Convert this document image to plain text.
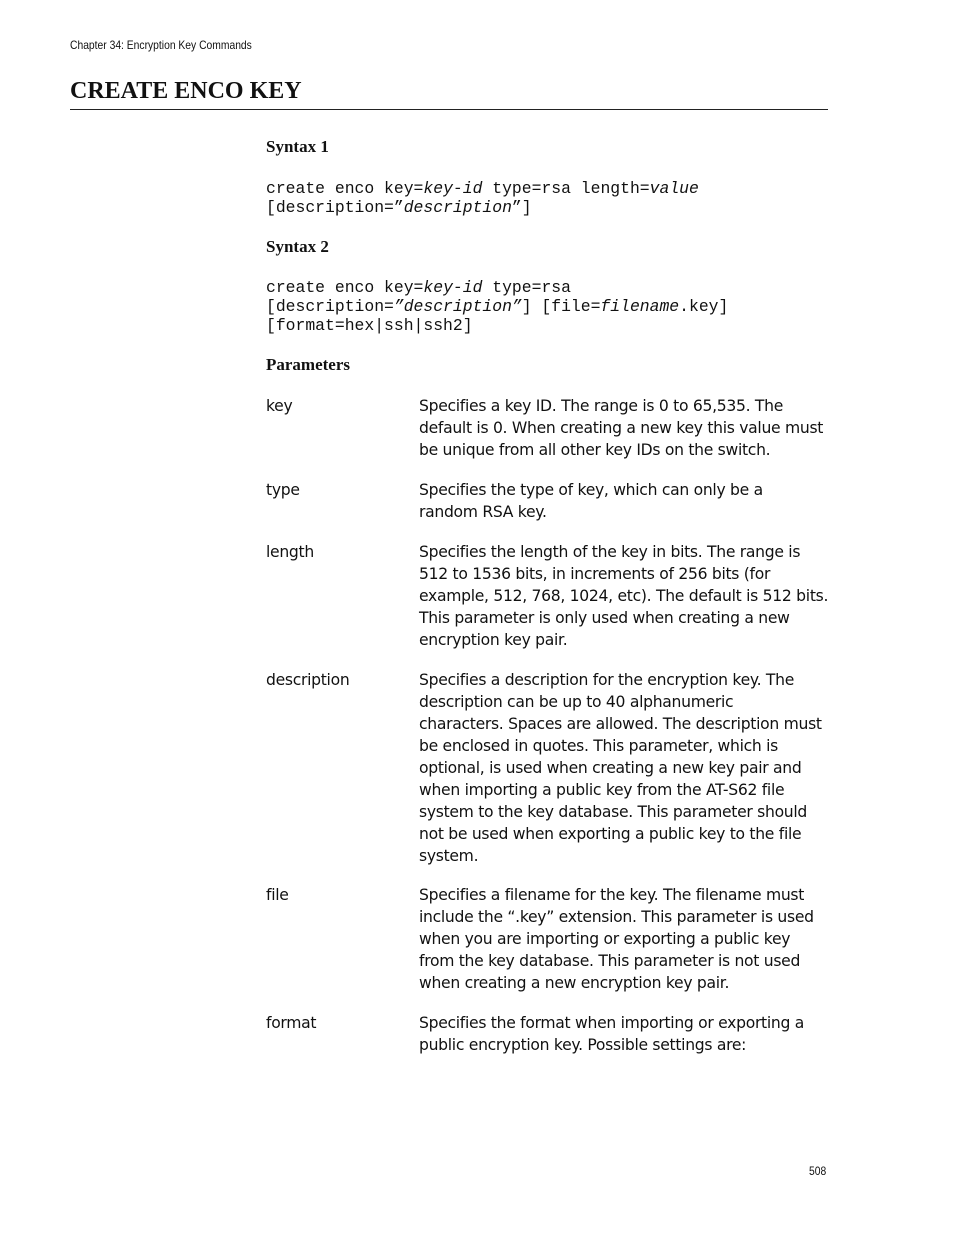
Chapter 34: Encryption Key Commands
CREATE ENCO KEY
Syntax 1
create enco key=key-id type=rsa length=value
[description=”description”]
Syntax 2
create enco key=key-id type=rsa
[description=”description”] [file=filename.key]
[format=hex|ssh|ssh2]
Parameters
key	Specifies a key ID. The range is 0 to 65,535. The
default is 0. When creating a new key this value must
be unique from all other key IDs on the switch.

type	Specifies the type of key, which can only be a
random RSA key.

length	Specifies the length of the key in bits. The range is
512 to 1536 bits, in increments of 256 bits (for
example, 512, 768, 1024, etc). The default is 512 bits.
This parameter is only used when creating a new
encryption key pair.

description	Specifies a description for the encryption key. The
description can be up to 40 alphanumeric
characters. Spaces are allowed. The description must
be enclosed in quotes. This parameter, which is
optional, is used when creating a new key pair and
when importing a public key from the AT-S62 file
system to the key database. This parameter should
not be used when exporting a public key to the file
system.

file	Specifies a filename for the key. The filename must
include the “.key” extension. This parameter is used
when you are importing or exporting a public key
from the key database. This parameter is not used
when creating a new encryption key pair.

format	Specifies the format when importing or exporting a
public encryption key. Possible settings are:

508
